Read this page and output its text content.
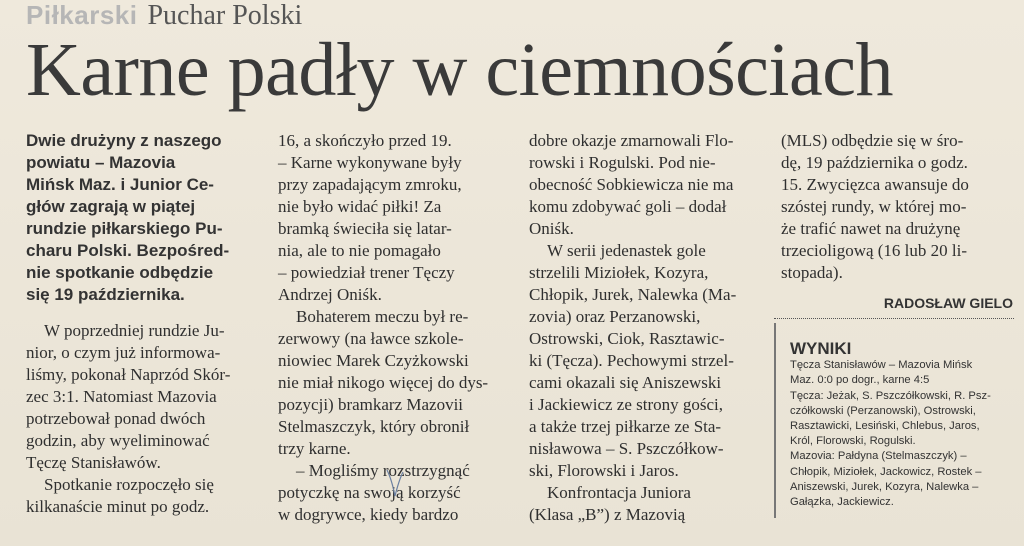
Piłkarski Puchar Polski
Karne padły w ciemnościach

Dwie drużyny z naszego

powiatu – Mazovia

Mińsk Maz. i Junior Ce-

głów zagrają w piątej

rundzie piłkarskiego Pu-

charu Polski. Bezpośred-

nie spotkanie odbędzie

się 19 października.

W poprzedniej rundzie Ju-

nior, o czym już informowa-

liśmy, pokonał Naprzód Skór-

zec 3:1. Natomiast Mazovia

potrzebował ponad dwóch

godzin, aby wyeliminować

Tęczę Stanisławów.

Spotkanie rozpoczęło się

kilkanaście minut po godz.

16, a skończyło przed 19.

– Karne wykonywane były

przy zapadającym zmroku,

nie było widać piłki! Za

bramką świeciła się latar-

nia, ale to nie pomagało

– powiedział trener Tęczy

Andrzej Oniśk.

Bohaterem meczu był re-

zerwowy (na ławce szkole-

niowiec Marek Czyżkowski

nie miał nikogo więcej do dys-

pozycji) bramkarz Mazovii

Stelmaszczyk, który obronił

trzy karne.

– Mogliśmy rozstrzygnąć

potyczkę na swoją korzyść

w dogrywce, kiedy bardzo

dobre okazje zmarnowali Flo-

rowski i Rogulski. Pod nie-

obecność Sobkiewicza nie ma

komu zdobywać goli – dodał

Oniśk.

W serii jedenastek gole

strzelili Miziołek, Kozyra,

Chłopik, Jurek, Nalewka (Ma-

zovia) oraz Perzanowski,

Ostrowski, Ciok, Rasztawic-

ki (Tęcza). Pechowymi strzel-

cami okazali się Aniszewski

i Jackiewicz ze strony gości,

a także trzej piłkarze ze Sta-

nisławowa – S. Pszczółkow-

ski, Florowski i Jaros.

Konfrontacja Juniora

(Klasa „B”) z Mazovią

(MLS) odbędzie się w śro-

dę, 19 października o godz.

15. Zwycięzca awansuje do

szóstej rundy, w której mo-

że trafić nawet na drużynę

trzecioligową (16 lub 20 li-

stopada).

RADOSŁAW GIELO
WYNIKI

Tęcza Stanisławów – Mazovia Mińsk

Maz. 0:0 po dogr., karne 4:5

Tęcza: Jeżak, S. Pszczółkowski, R. Psz-

czółkowski (Perzanowski), Ostrowski,

Rasztawicki, Lesiński, Chlebus, Jaros,

Król, Florowski, Rogulski.

Mazovia: Pałdyna (Stelmaszczyk) –

Chłopik, Miziołek, Jackowicz, Rostek –

Aniszewski, Jurek, Kozyra, Nalewka –

Gałązka, Jackiewicz.
